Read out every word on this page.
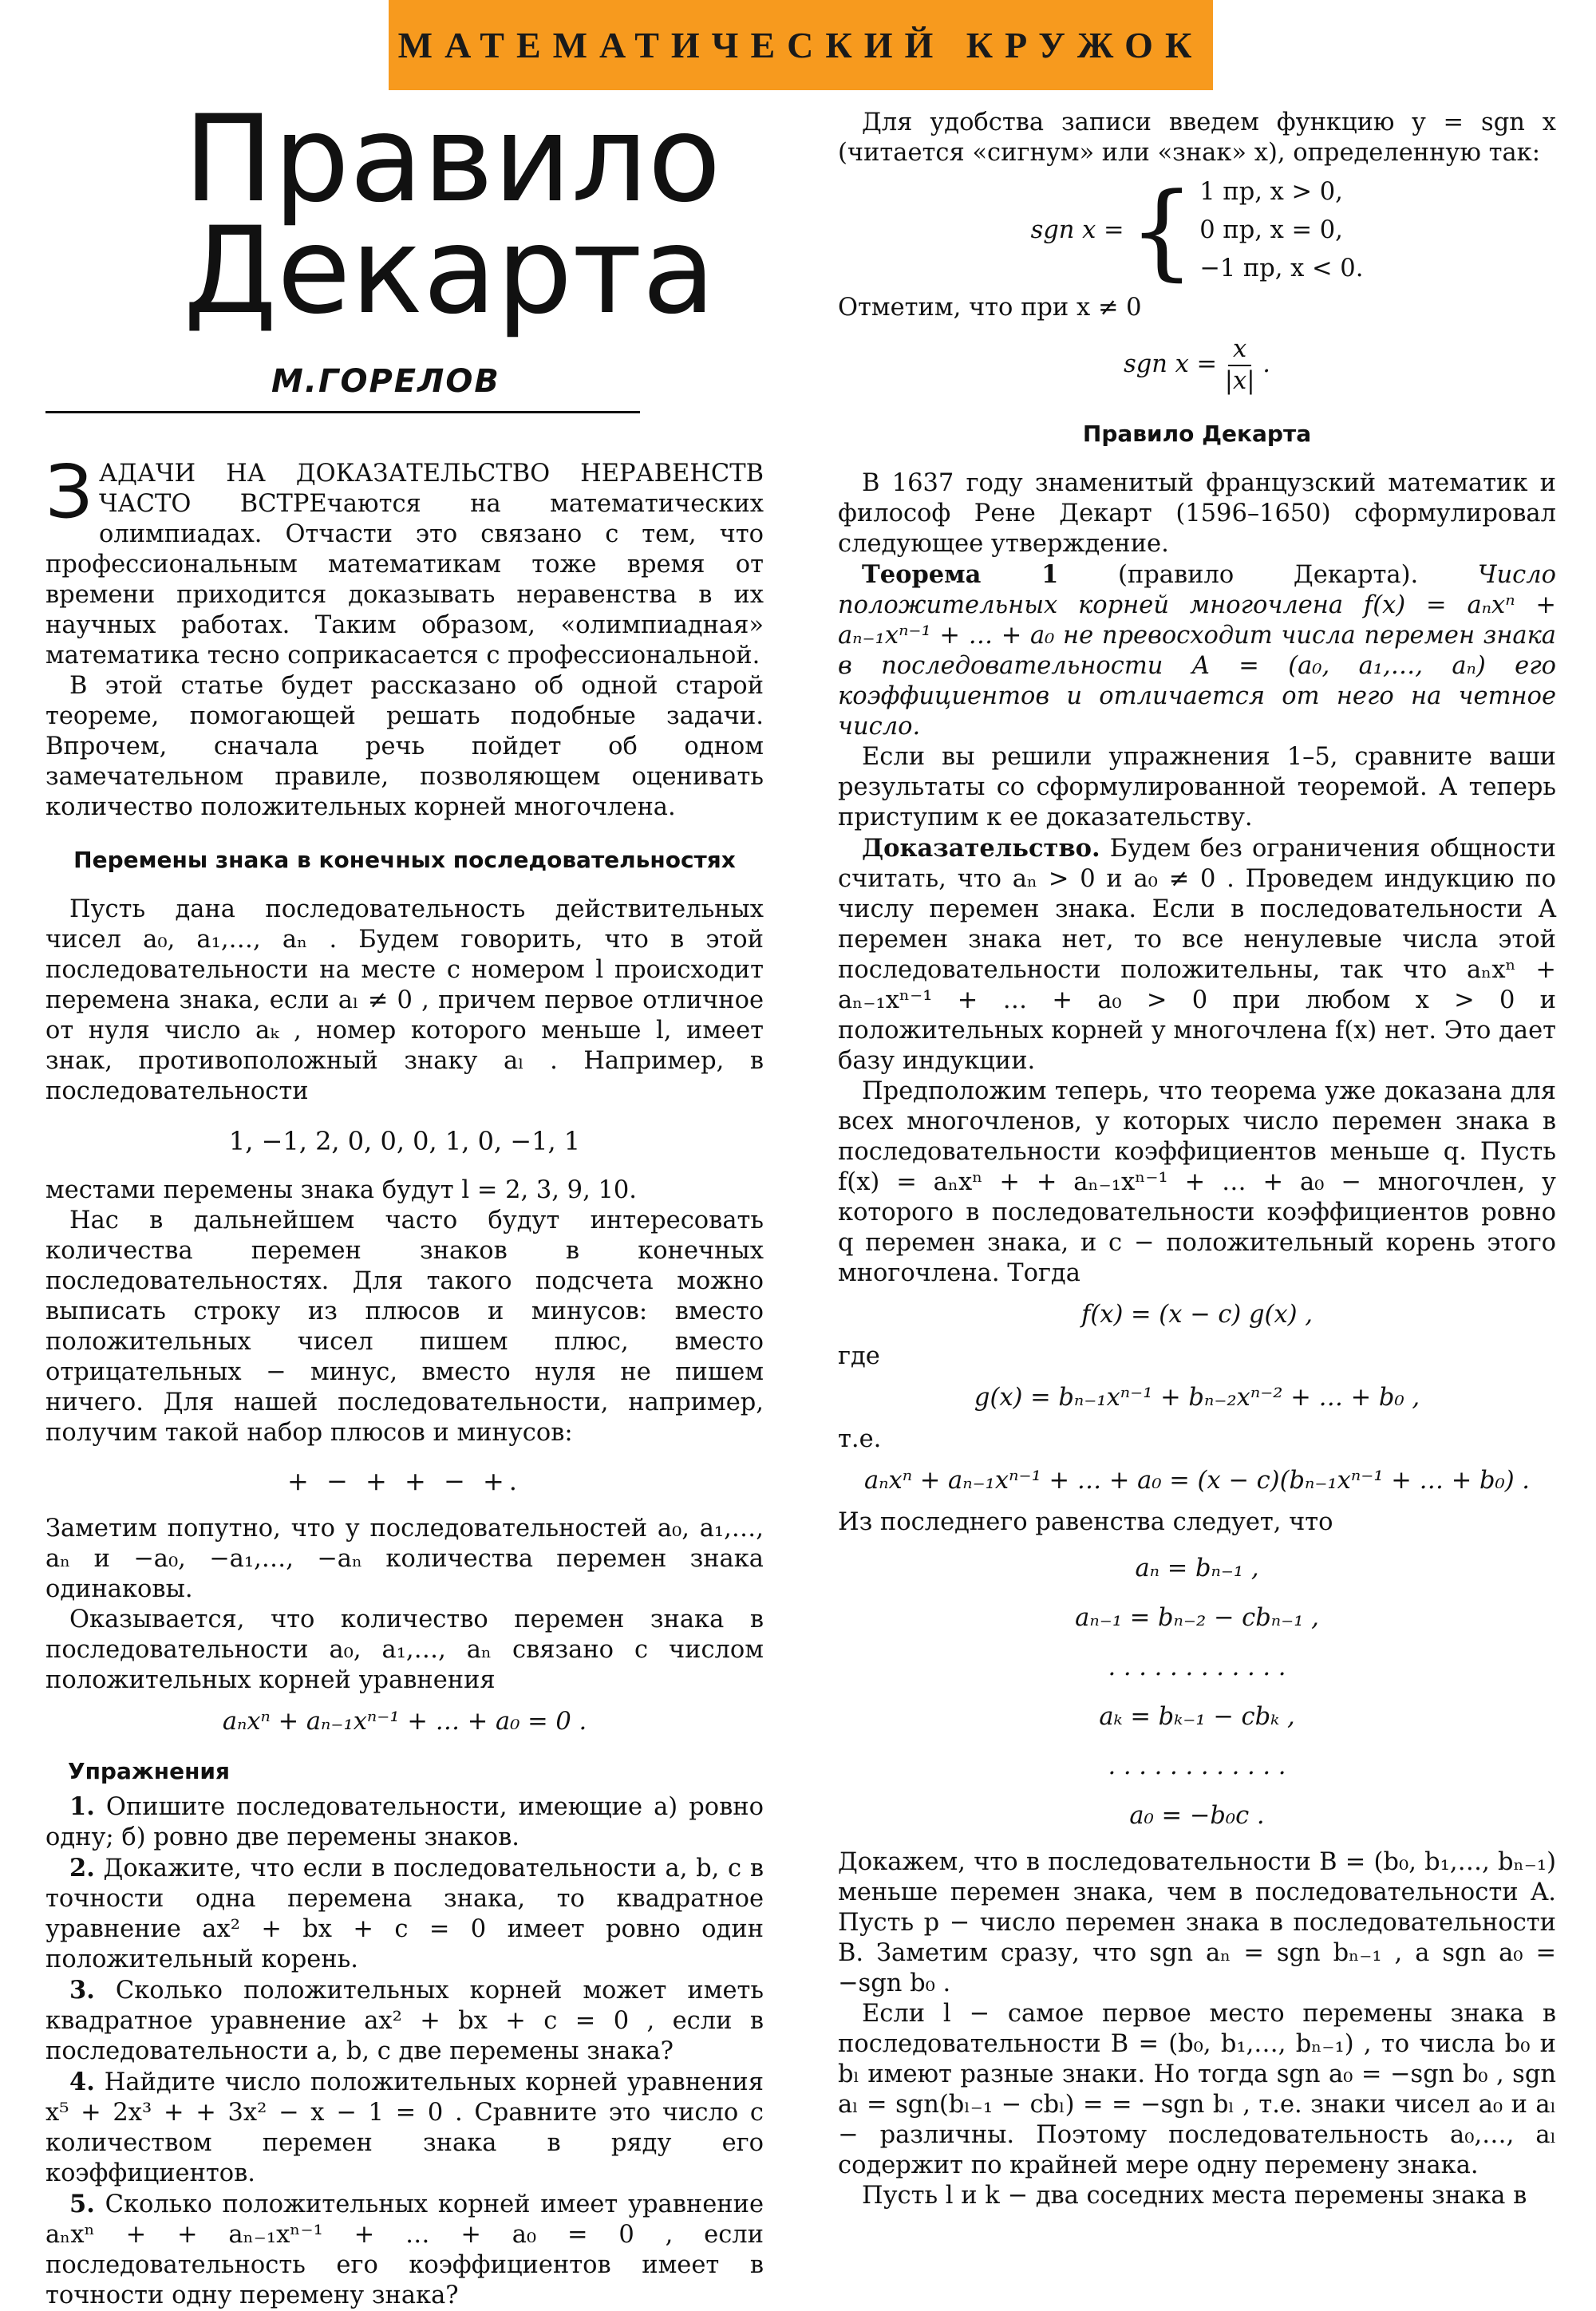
МАТЕМАТИЧЕСКИЙ КРУЖОК
Правило
Декарта
М.ГОРЕЛОВ

ЗАДАЧИ НА ДОКАЗАТЕЛЬСТВО НЕРАВЕНСТВ ЧАСТО ВСТРЕчаются на математических олимпиадах. Отчасти это связано с тем, что профессиональным математикам тоже время от времени приходится доказывать неравенства в их научных работах. Таким образом, «олимпиадная» математика тесно соприкасается с профессиональной.

В этой статье будет рассказано об одной старой теореме, помогающей решать подобные задачи. Впрочем, сначала речь пойдет об одном замечательном правиле, позволяющем оценивать количество положительных корней многочлена.

Перемены знака в конечных последовательностях

Пусть дана последовательность действительных чисел a₀, a₁,…, aₙ . Будем говорить, что в этой последовательности на месте с номером l происходит перемена знака, если aₗ ≠ 0 , причем первое отличное от нуля число aₖ , номер которого меньше l, имеет знак, противоположный знаку aₗ . Например, в последовательности

1, −1, 2, 0, 0, 0, 1, 0, −1, 1

местами перемены знака будут l = 2, 3, 9, 10.

Нас в дальнейшем часто будут интересовать количества перемен знаков в конечных последовательностях. Для такого подсчета можно выписать строку из плюсов и минусов: вместо положительных чисел пишем плюс, вместо отрицательных − минус, вместо нуля не пишем ничего. Для нашей последовательности, например, получим такой набор плюсов и минусов:

+ − + + − +.

Заметим попутно, что у последовательностей a₀, a₁,…, aₙ и −a₀, −a₁,…, −aₙ количества перемен знака одинаковы.

Оказывается, что количество перемен знака в последовательности a₀, a₁,…, aₙ связано с числом положительных корней уравнения

aₙxⁿ + aₙ₋₁xⁿ⁻¹ + … + a₀ = 0 .
Упражнения

1. Опишите последовательности, имеющие а) ровно одну; б) ровно две перемены знаков.

2. Докажите, что если в последовательности a, b, c в точности одна перемена знака, то квадратное уравнение ax² + bx + c = 0 имеет ровно один положительный корень.

3. Сколько положительных корней может иметь квадратное уравнение ax² + bx + c = 0 , если в последовательности a, b, c две перемены знака?

4. Найдите число положительных корней уравнения x⁵ + 2x³ + + 3x² − x − 1 = 0 . Сравните это число с количеством перемен знака в ряду его коэффициентов.

5. Сколько положительных корней имеет уравнение aₙxⁿ + + aₙ₋₁xⁿ⁻¹ + … + a₀ = 0 , если последовательность его коэффициентов имеет в точности одну перемену знака?

Для удобства записи введем функцию y = sgn x (читается «сигнум» или «знак» x), определенную так:

sgn x = { 1 пр, x > 0,
0 пр, x = 0,
−1 пр, x < 0.

Отметим, что при x ≠ 0

sgn $x = \frac{x}{|x|}$ .
Правило Декарта

В 1637 году знаменитый французский математик и философ Рене Декарт (1596–1650) сформулировал следующее утверждение.

Теорема 1 (правило Декарта). Число положительных корней многочлена f(x) = aₙxⁿ + aₙ₋₁xⁿ⁻¹ + … + a₀ не превосходит числа перемен знака в последовательности A = (a₀, a₁,…, aₙ) его коэффициентов и отличается от него на четное число.

Если вы решили упражнения 1–5, сравните ваши результаты со сформулированной теоремой. А теперь приступим к ее доказательству.

Доказательство. Будем без ограничения общности считать, что aₙ > 0 и a₀ ≠ 0 . Проведем индукцию по числу перемен знака. Если в последовательности A перемен знака нет, то все ненулевые числа этой последовательности положительны, так что aₙxⁿ + aₙ₋₁xⁿ⁻¹ + … + a₀ > 0 при любом x > 0 и положительных корней у многочлена f(x) нет. Это дает базу индукции.

Предположим теперь, что теорема уже доказана для всех многочленов, у которых число перемен знака в последовательности коэффициентов меньше q. Пусть f(x) = aₙxⁿ + + aₙ₋₁xⁿ⁻¹ + … + a₀ − многочлен, у которого в последовательности коэффициентов ровно q перемен знака, и c − положительный корень этого многочлена. Тогда

f(x) = (x − c) g(x) ,

где

g(x) = bₙ₋₁xⁿ⁻¹ + bₙ₋₂xⁿ⁻² + … + b₀ ,

т.е.

aₙxⁿ + aₙ₋₁xⁿ⁻¹ + … + a₀ = (x − c)(bₙ₋₁xⁿ⁻¹ + … + b₀) .

Из последнего равенства следует, что

aₙ = bₙ₋₁ ,
aₙ₋₁ = bₙ₋₂ − cbₙ₋₁ ,
. . . . . . . . . . . .
aₖ = bₖ₋₁ − cbₖ ,
. . . . . . . . . . . .
a₀ = −b₀c .

Докажем, что в последовательности B = (b₀, b₁,…, bₙ₋₁) меньше перемен знака, чем в последовательности A. Пусть p − число перемен знака в последовательности B. Заметим сразу, что sgn aₙ = sgn bₙ₋₁ , а sgn a₀ = −sgn b₀ .

Если l − самое первое место перемены знака в последовательности B = (b₀, b₁,…, bₙ₋₁) , то числа b₀ и bₗ имеют разные знаки. Но тогда sgn a₀ = −sgn b₀ , sgn aₗ = sgn(bₗ₋₁ − cbₗ) = = −sgn bₗ , т.е. знаки чисел a₀ и aₗ − различны. Поэтому последовательность a₀,…, aₗ содержит по крайней мере одну перемену знака.

Пусть l и k − два соседних места перемены знака в
